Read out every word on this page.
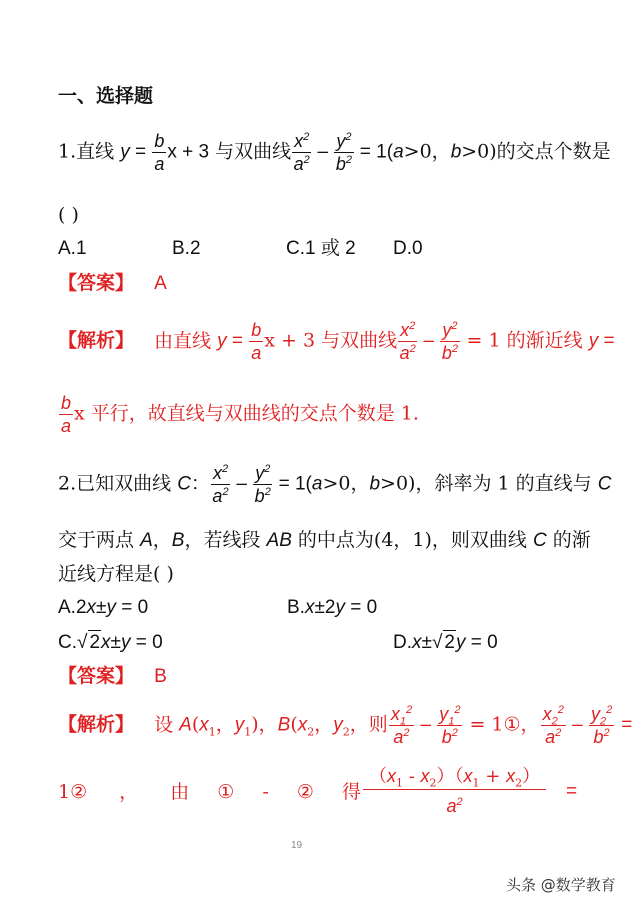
一、选择题
1.直线 $y = \frac{b}{a}$ x + 3 与双曲线 $\frac{x^2}{a^2} - \frac{y^2}{b^2} = 1(a>0$，b>0)的交点个数是
( )
A.1	B.2	C.1 或 2 D.0
【答案】 A
【解析】 由直线 $y = \frac{b}{a}$ x + 3 与双曲线 $\frac{x^2}{a^2} - \frac{y^2}{b^2} = 1$ 的渐近线 y =
$\frac{b}{a}$ x 平行，故直线与双曲线的交点个数是 1.
2.已知双曲线 C： $\frac{x^2}{a^2} - \frac{y^2}{b^2} = 1(a>0$，b>0)，斜率为 1 的直线与 C
交于两点 A，B，若线段 AB 的中点为(4，1)，则双曲线 C 的渐
近线方程是( )
A.2x±y = 0	B.x±2y = 0
C.√ 2x±y = 0	D.x±√ 2y = 0
【答案】 B
【解析】 设 $A(x_1$，$y_1$)，$B(x_2$，$y_2$，则 $\frac{x_1^2}{a^2} - \frac{y_1^2}{b^2}$ = 1①， $\frac{x_2^2}{a^2} - \frac{y_2^2}{b^2}$ =
1② ， 由 ① - ② 得 $\frac{(x_1 - x_2)(x_1 + x_2)}{a^2}$ =
19
头条 @数学教育
